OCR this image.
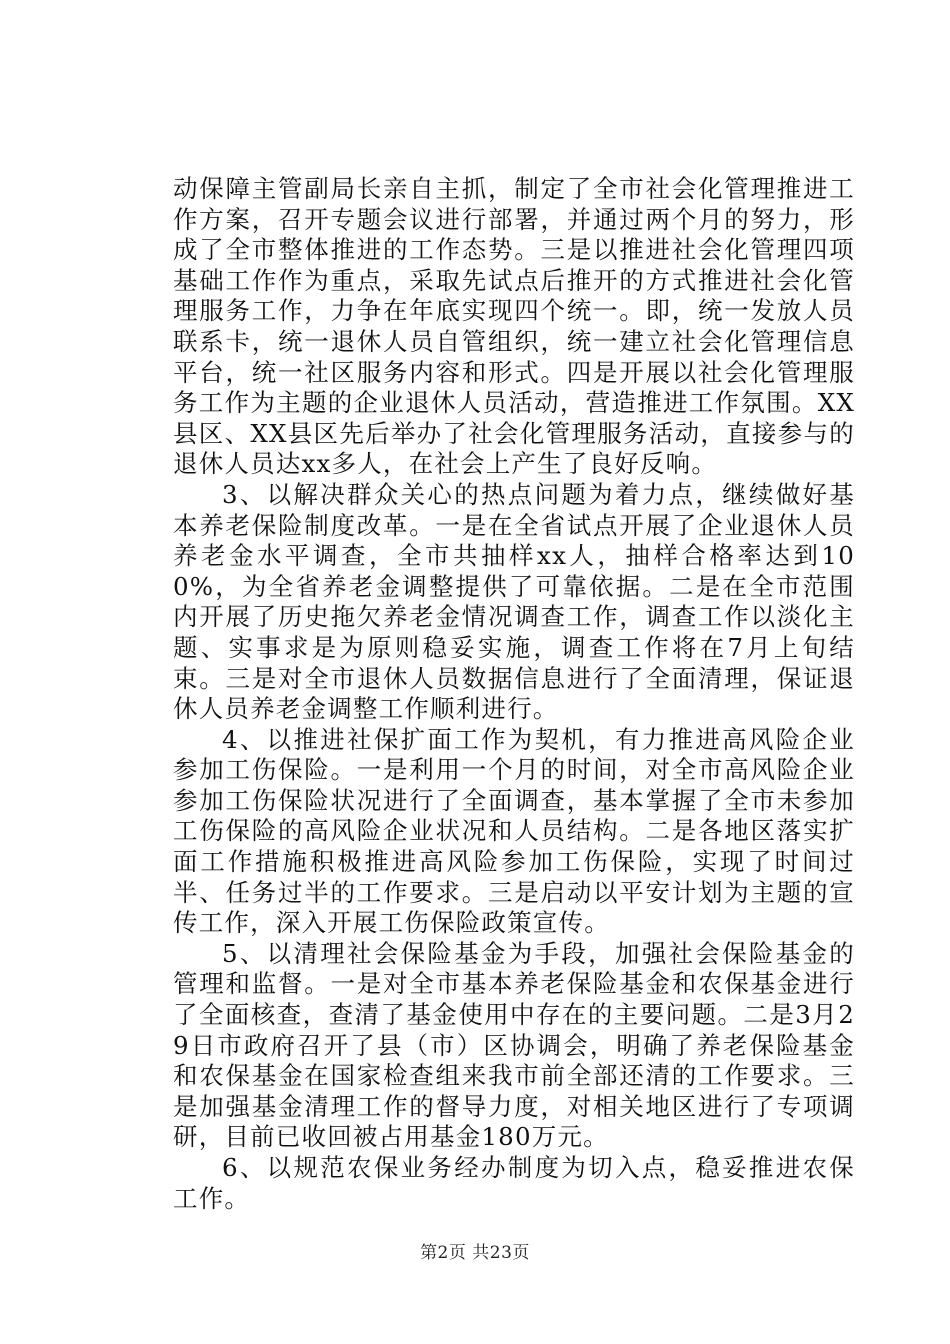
动保障主管副局长亲自主抓，制定了全市社会化管理推进工作方案，召开专题会议进行部署，并通过两个月的努力，形成了全市整体推进的工作态势。三是以推进社会化管理四项基础工作作为重点，采取先试点后推开的方式推进社会化管理服务工作，力争在年底实现四个统一。即，统一发放人员联系卡，统一退休人员自管组织，统一建立社会化管理信息平台，统一社区服务内容和形式。四是开展以社会化管理服务工作为主题的企业退休人员活动，营造推进工作氛围。XX县区、XX县区先后举办了社会化管理服务活动，直接参与的退休人员达xx多人，在社会上产生了良好反响。

3、以解决群众关心的热点问题为着力点，继续做好基本养老保险制度改革。一是在全省试点开展了企业退休人员养老金水平调查，全市共抽样xx人，抽样合格率达到100%，为全省养老金调整提供了可靠依据。二是在全市范围内开展了历史拖欠养老金情况调查工作，调查工作以淡化主题、实事求是为原则稳妥实施，调查工作将在7月上旬结束。三是对全市退休人员数据信息进行了全面清理，保证退休人员养老金调整工作顺利进行。

4、以推进社保扩面工作为契机，有力推进高风险企业参加工伤保险。一是利用一个月的时间，对全市高风险企业参加工伤保险状况进行了全面调查，基本掌握了全市未参加工伤保险的高风险企业状况和人员结构。二是各地区落实扩面工作措施积极推进高风险参加工伤保险，实现了时间过半、任务过半的工作要求。三是启动以平安计划为主题的宣传工作，深入开展工伤保险政策宣传。

5、以清理社会保险基金为手段，加强社会保险基金的管理和监督。一是对全市基本养老保险基金和农保基金进行了全面核查，查清了基金使用中存在的主要问题。二是3月29日市政府召开了县（市）区协调会，明确了养老保险基金和农保基金在国家检查组来我市前全部还清的工作要求。三是加强基金清理工作的督导力度，对相关地区进行了专项调研，目前已收回被占用基金180万元。

6、以规范农保业务经办制度为切入点，稳妥推进农保工作。

第2页 共23页
